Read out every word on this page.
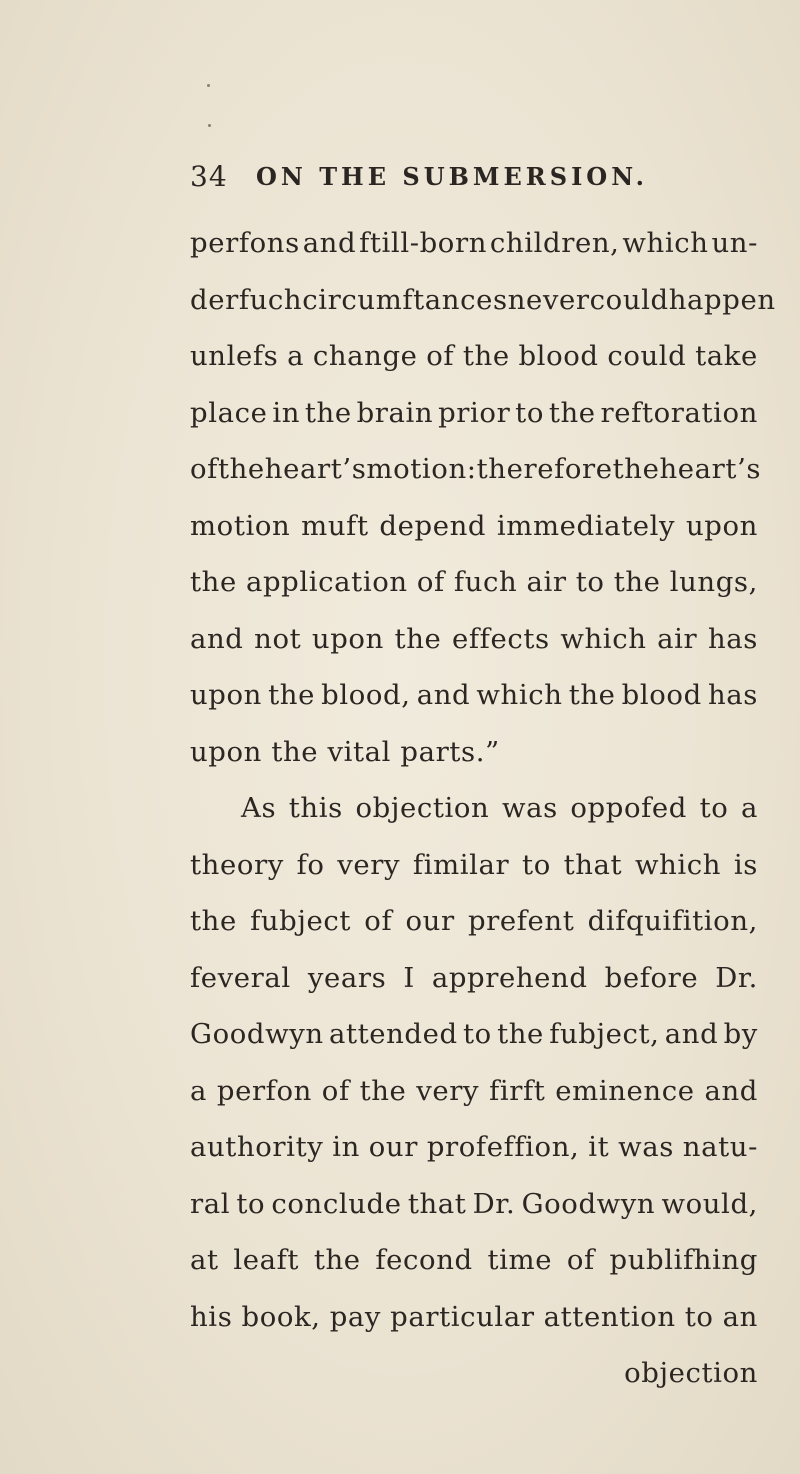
34 ON THE SUBMERSION.
perfons and ftill-born children, which un-
der fuch circumftances never could happen
unlefs a change of the blood could take
place in the brain prior to the reftoration
of the heart’s motion: therefore the heart’s
motion muft depend immediately upon
the application of fuch air to the lungs,
and not upon the effects which air has
upon the blood, and which the blood has
upon the vital parts.”
As this objection was oppofed to a
theory fo very fimilar to that which is
the fubject of our prefent difquifition,
feveral years I apprehend before Dr.
Goodwyn attended to the fubject, and by
a perfon of the very firft eminence and
authority in our profeffion, it was natu-
ral to conclude that Dr. Goodwyn would,
at leaft the fecond time of publifhing
his book, pay particular attention to an
objection
